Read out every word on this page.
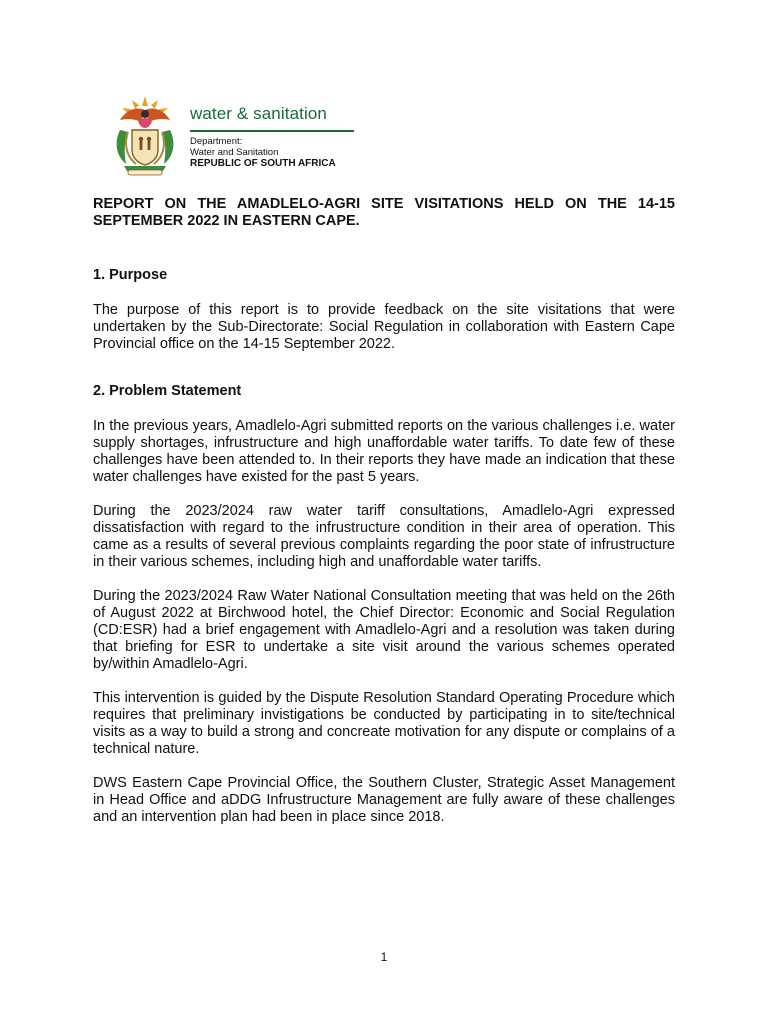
water & sanitation
Department:
Water and Sanitation
REPUBLIC OF SOUTH AFRICA

REPORT ON THE AMADLELO-AGRI SITE VISITATIONS HELD ON THE 14-15 SEPTEMBER 2022 IN EASTERN CAPE.

1. Purpose

The purpose of this report is to provide feedback on the site visitations that were undertaken by the Sub-Directorate: Social Regulation in collaboration with Eastern Cape Provincial office on the 14-15 September 2022.

2. Problem Statement

In the previous years, Amadlelo-Agri submitted reports on the various challenges i.e. water supply shortages, infrustructure and high unaffordable water tariffs. To date few of these challenges have been attended to. In their reports they have made an indication that these water challenges have existed for the past 5 years.

During the 2023/2024 raw water tariff consultations, Amadlelo-Agri expressed dissatisfaction with regard to the infrustructure condition in their area of operation. This came as a results of several previous complaints regarding the poor state of infrustructure in their various schemes, including high and unaffordable water tariffs.

During the 2023/2024 Raw Water National Consultation meeting that was held on the 26th of August 2022 at Birchwood hotel, the Chief Director: Economic and Social Regulation (CD:ESR) had a brief engagement with Amadlelo-Agri and a resolution was taken during that briefing for ESR to undertake a site visit around the various schemes operated by/within Amadlelo-Agri.

This intervention is guided by the Dispute Resolution Standard Operating Procedure which requires that preliminary invistigations be conducted by participating in to site/technical visits as a way to build a strong and concreate motivation for any dispute or complains of a technical nature.

DWS Eastern Cape Provincial Office, the Southern Cluster, Strategic Asset Management in Head Office and aDDG Infrustructure Management are fully aware of these challenges and an intervention plan had been in place since 2018.

1
